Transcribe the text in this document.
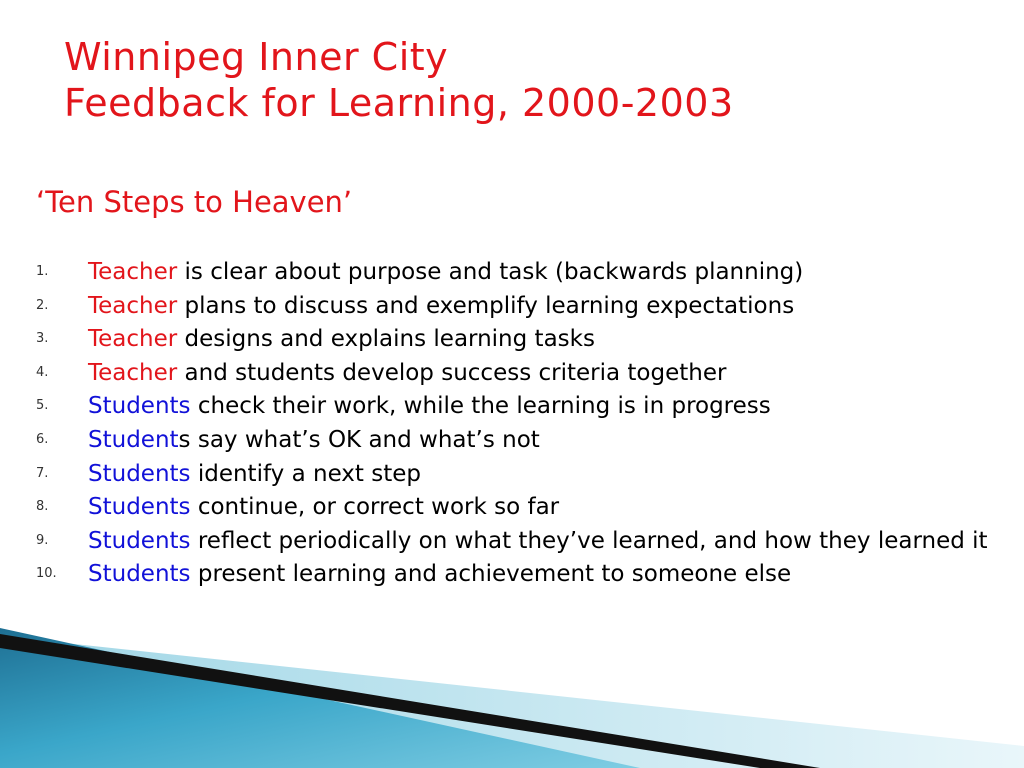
Winnipeg Inner City
Feedback for Learning, 2000-2003

‘Ten Steps to Heaven’

1. Teacher is clear about purpose and task (backwards planning)
2. Teacher plans to discuss and exemplify learning expectations
3. Teacher designs and explains learning tasks
4. Teacher and students develop success criteria together
5. Students check their work, while the learning is in progress
6. Students say what’s OK and what’s not
7. Students identify a next step
8. Students continue, or correct work so far
9. Students reflect periodically on what they’ve learned, and how they learned it
10. Students present learning and achievement to someone else
